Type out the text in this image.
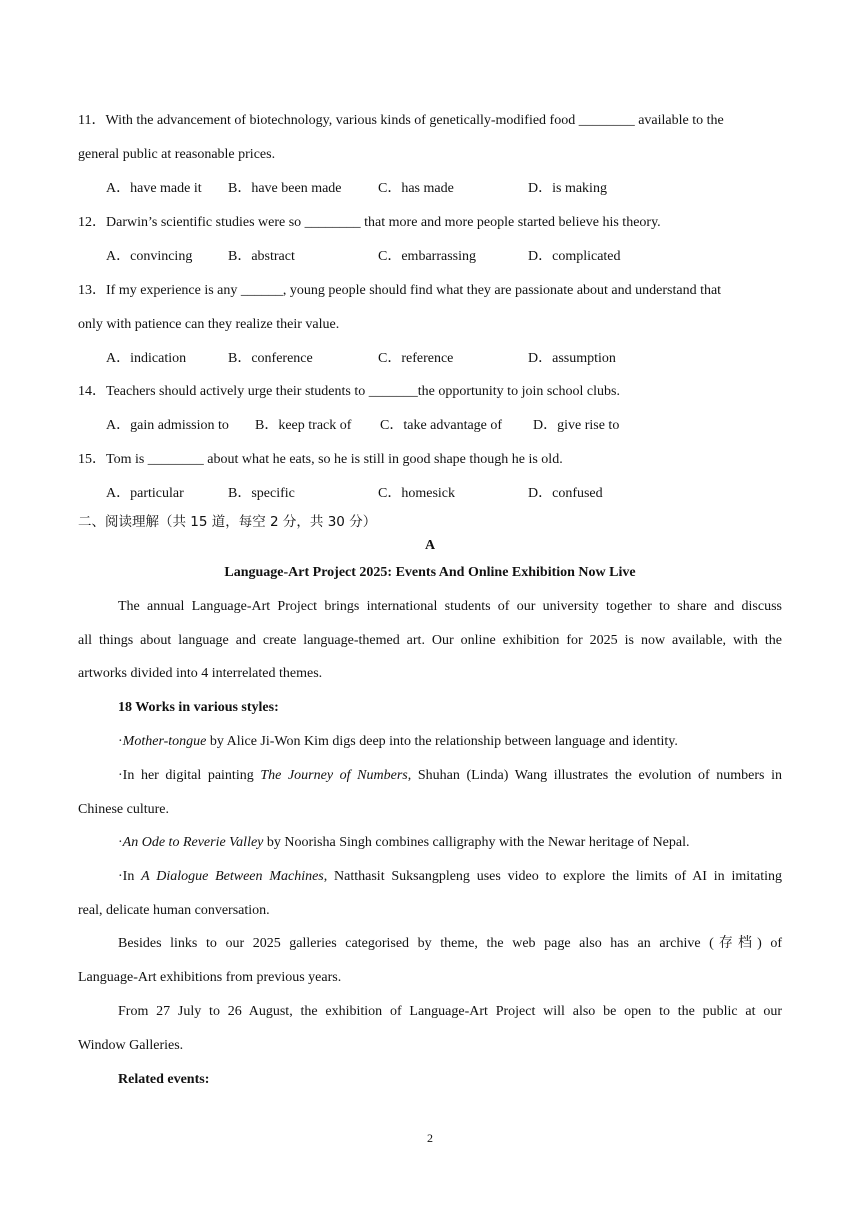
11．With the advancement of biotechnology, various kinds of genetically-modified food ________ available to the
general public at reasonable prices.
A．have made it B．have been made	C．has made	D．is making
12．Darwin’s scientific studies were so ________ that more and more people started believe his theory.
A．convincing	B．abstract	C．embarrassing	D．complicated
13．If my experience is any ______, young people should find what they are passionate about and understand that
only with patience can they realize their value.
A．indication	B．conference	C．reference	D．assumption
14．Teachers should actively urge their students to _______the opportunity to join school clubs.
A．gain admission to B．keep track of C．take advantage of D．give rise to
15．Tom is ________ about what he eats, so he is still in good shape though he is old.
A．particular	B．specific	C．homesick	D．confused
二、阅读理解（共 15 道，每空 2 分，共 30 分）
A
Language-Art Project 2025: Events And Online Exhibition Now Live
The annual Language-Art Project brings international students of our university together to share and discuss
all things about language and create language-themed art. Our online exhibition for 2025 is now available, with the
artworks divided into 4 interrelated themes.
18 Works in various styles:
·Mother-tongue by Alice Ji-Won Kim digs deep into the relationship between language and identity.
·In her digital painting The Journey of Numbers, Shuhan (Linda) Wang illustrates the evolution of numbers in
Chinese culture.
·An Ode to Reverie Valley by Noorisha Singh combines calligraphy with the Newar heritage of Nepal.
·In A Dialogue Between Machines, Natthasit Suksangpleng uses video to explore the limits of AI in imitating
real, delicate human conversation.
Besides links to our 2025 galleries categorised by theme, the web page also has an archive (存档) of
Language-Art exhibitions from previous years.
From 27 July to 26 August, the exhibition of Language-Art Project will also be open to the public at our
Window Galleries.
Related events:
2
